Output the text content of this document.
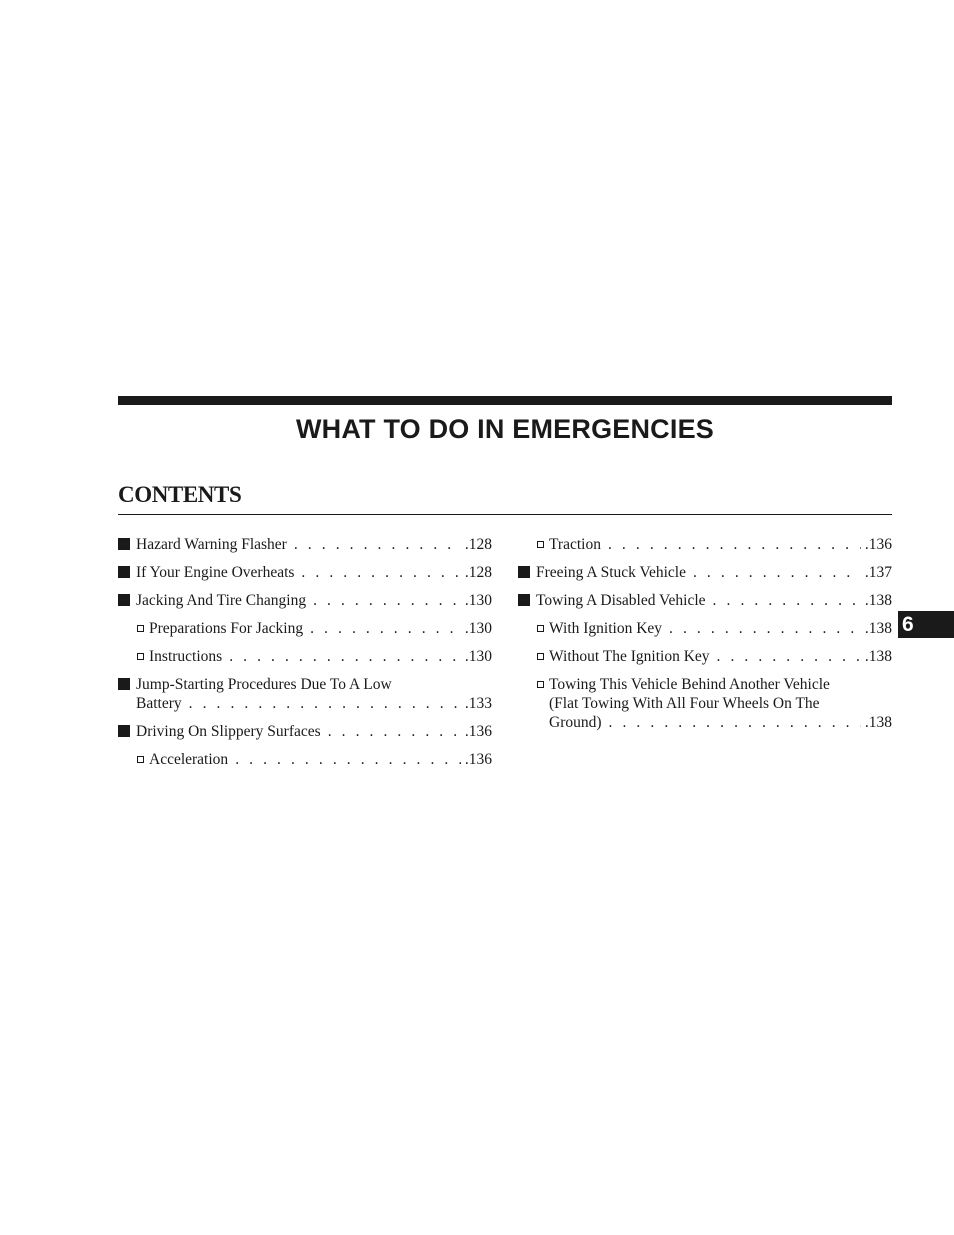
WHAT TO DO IN EMERGENCIES
CONTENTS
6
Hazard Warning Flasher . . .	.128
If Your Engine Overheats . . .	.128
Jacking And Tire Changing . . .	.130
Preparations For Jacking . . .	.130
Instructions . . .	.130
Jump-Starting Procedures Due To A Low
Battery . . .	.133
Driving On Slippery Surfaces . . .	.136
Acceleration . . .	.136
Traction . . .	.136
Freeing A Stuck Vehicle . . .	.137
Towing A Disabled Vehicle . . .	.138
With Ignition Key . . .	.138
Without The Ignition Key . . .	.138
Towing This Vehicle Behind Another Vehicle
(Flat Towing With All Four Wheels On The
Ground) . . .	.138
